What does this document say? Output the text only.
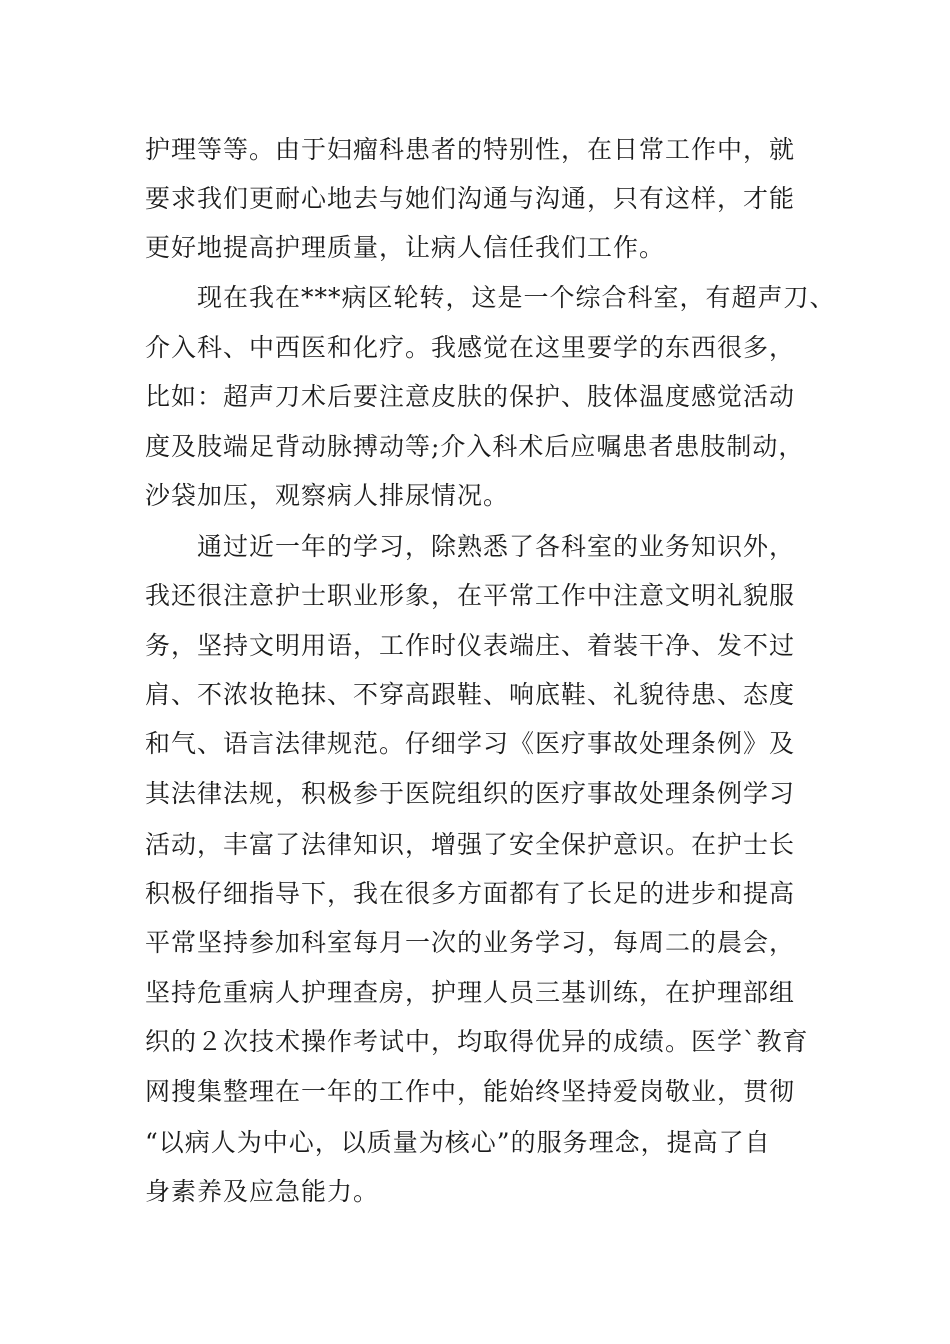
护理等等。由于妇瘤科患者的特别性，在日常工作中，就
要求我们更耐心地去与她们沟通与沟通，只有这样，才能
更好地提高护理质量，让病人信任我们工作。
现在我在***病区轮转，这是一个综合科室，有超声刀、
介入科、中西医和化疗。我感觉在这里要学的东西很多，
比如：超声刀术后要注意皮肤的保护、肢体温度感觉活动
度及肢端足背动脉搏动等;介入科术后应嘱患者患肢制动，
沙袋加压，观察病人排尿情况。
通过近一年的学习，除熟悉了各科室的业务知识外，
我还很注意护士职业形象，在平常工作中注意文明礼貌服
务，坚持文明用语，工作时仪表端庄、着装干净、发不过
肩、不浓妆艳抹、不穿高跟鞋、响底鞋、礼貌待患、态度
和气、语言法律规范。仔细学习《医疗事故处理条例》及
其法律法规，积极参于医院组织的医疗事故处理条例学习
活动，丰富了法律知识，增强了安全保护意识。在护士长
积极仔细指导下，我在很多方面都有了长足的进步和提高
平常坚持参加科室每月一次的业务学习，每周二的晨会，
坚持危重病人护理查房，护理人员三基训练，在护理部组
织的２次技术操作考试中，均取得优异的成绩。医学`教育
网搜集整理在一年的工作中，能始终坚持爱岗敬业，贯彻
“以病人为中心，以质量为核心”的服务理念，提高了自
身素养及应急能力。
